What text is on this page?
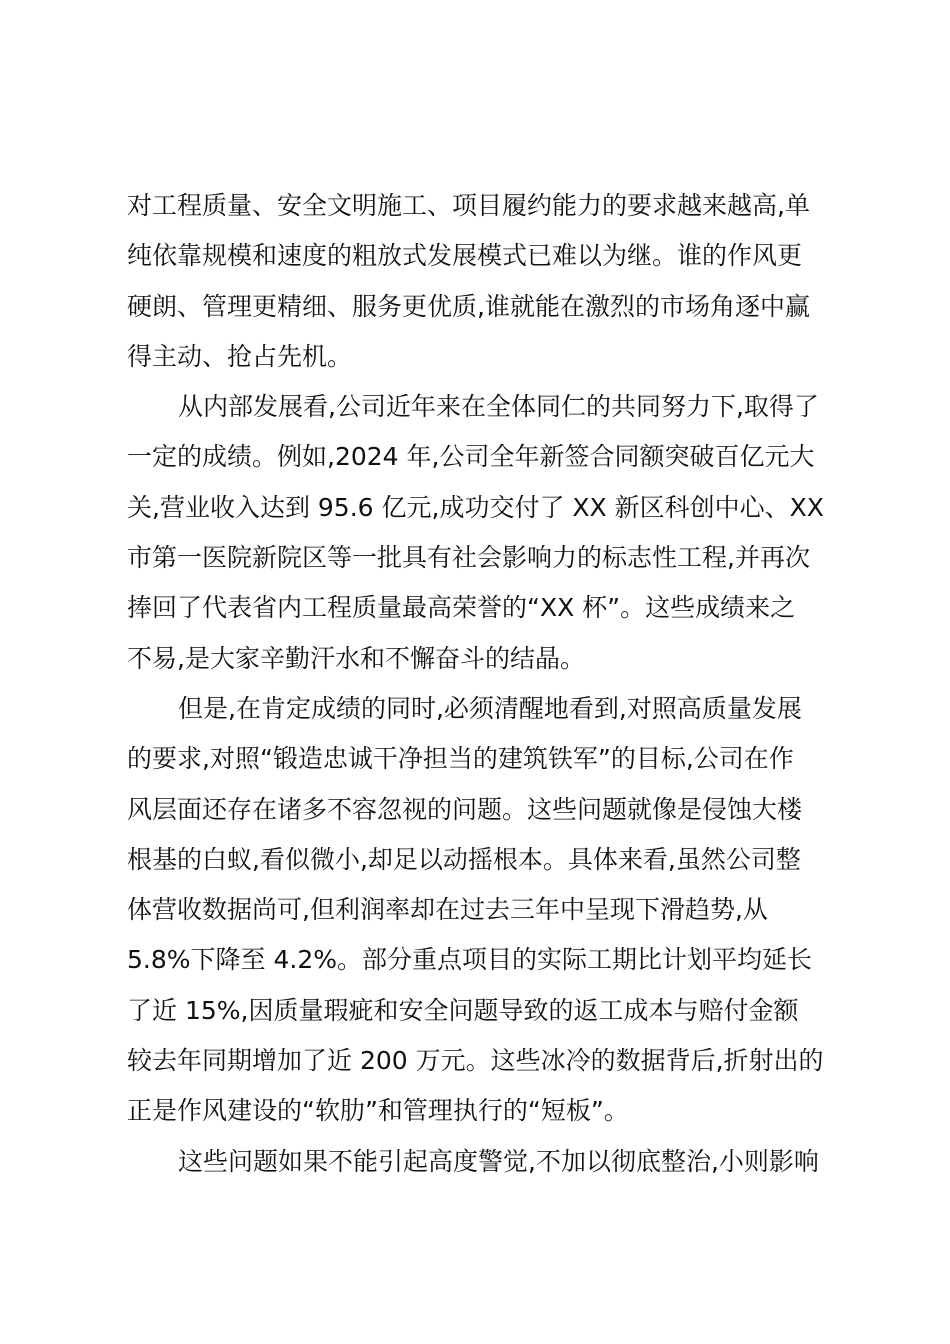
对工程质量、安全文明施工、项目履约能力的要求越来越高,单
纯依靠规模和速度的粗放式发展模式已难以为继。谁的作风更
硬朗、管理更精细、服务更优质,谁就能在激烈的市场角逐中赢
得主动、抢占先机。
从内部发展看,公司近年来在全体同仁的共同努力下,取得了
一定的成绩。例如,2024 年,公司全年新签合同额突破百亿元大
关,营业收入达到 95.6 亿元,成功交付了 XX 新区科创中心、XX
市第一医院新院区等一批具有社会影响力的标志性工程,并再次
捧回了代表省内工程质量最高荣誉的“XX 杯”。这些成绩来之
不易,是大家辛勤汗水和不懈奋斗的结晶。
但是,在肯定成绩的同时,必须清醒地看到,对照高质量发展
的要求,对照“锻造忠诚干净担当的建筑铁军”的目标,公司在作
风层面还存在诸多不容忽视的问题。这些问题就像是侵蚀大楼
根基的白蚁,看似微小,却足以动摇根本。具体来看,虽然公司整
体营收数据尚可,但利润率却在过去三年中呈现下滑趋势,从
5.8%下降至 4.2%。部分重点项目的实际工期比计划平均延长
了近 15%,因质量瑕疵和安全问题导致的返工成本与赔付金额
较去年同期增加了近 200 万元。这些冰冷的数据背后,折射出的
正是作风建设的“软肋”和管理执行的“短板”。
这些问题如果不能引起高度警觉,不加以彻底整治,小则影响
